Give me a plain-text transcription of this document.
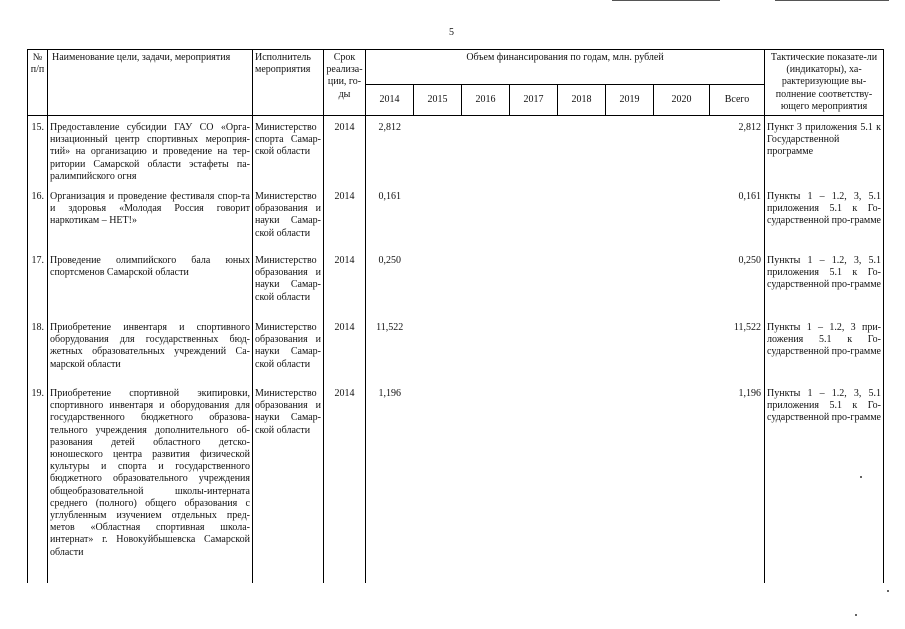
5
№ п/п	Наименование цели, задачи, мероприятия	Исполнитель мероприятия	Срок реализа-ции, го-ды	Объем финансирования по годам, млн. рублей								Тактические показате-ли (индикаторы), ха-рактеризующие вы-полнение соответству-ющего мероприятия
				2014	2015	2016	2017	2018	2019	2020	Всего	
15.	Предоставление субсидии ГАУ СО «Орга-низационный центр спортивных мероприя-тий» на организацию и проведение на тер-ритории Самарской области эстафеты па-ралимпийского огня	Министерство спорта Самар-ской области	2014	2,812							2,812	Пункт 3 приложения 5.1 к Государственной программе
16.	Организация и проведение фестиваля спор-та и здоровья «Молодая Россия говорит наркотикам – НЕТ!»	Министерство образования и науки Самар-ской области	2014	0,161							0,161	Пункты 1 – 1.2, 3, 5.1 приложения 5.1 к Го-сударственной про-грамме
17.	Проведение олимпийского бала юных спортсменов Самарской области	Министерство образования и науки Самар-ской области	2014	0,250							0,250	Пункты 1 – 1.2, 3, 5.1 приложения 5.1 к Го-сударственной про-грамме
18.	Приобретение инвентаря и спортивного оборудования для государственных бюд-жетных образовательных учреждений Са-марской области	Министерство образования и науки Самар-ской области	2014	11,522							11,522	Пункты 1 – 1.2, 3 при-ложения 5.1 к Го-сударственной про-грамме
19.	Приобретение спортивной экипировки, спортивного инвентаря и оборудования для государственного бюджетного образова-тельного учреждения дополнительного об-разования детей областного детско-юношеского центра развития физической культуры и спорта и государственного бюджетного образовательного учреждения общеобразовательной школы-интерната среднего (полного) общего образования с углубленным изучением отдельных пред-метов «Областная спортивная школа-интернат» г. Новокуйбышевска Самарской области	Министерство образования и науки Самар-ской области	2014	1,196							1,196	Пункты 1 – 1.2, 3, 5.1 приложения 5.1 к Го-сударственной про-грамме
